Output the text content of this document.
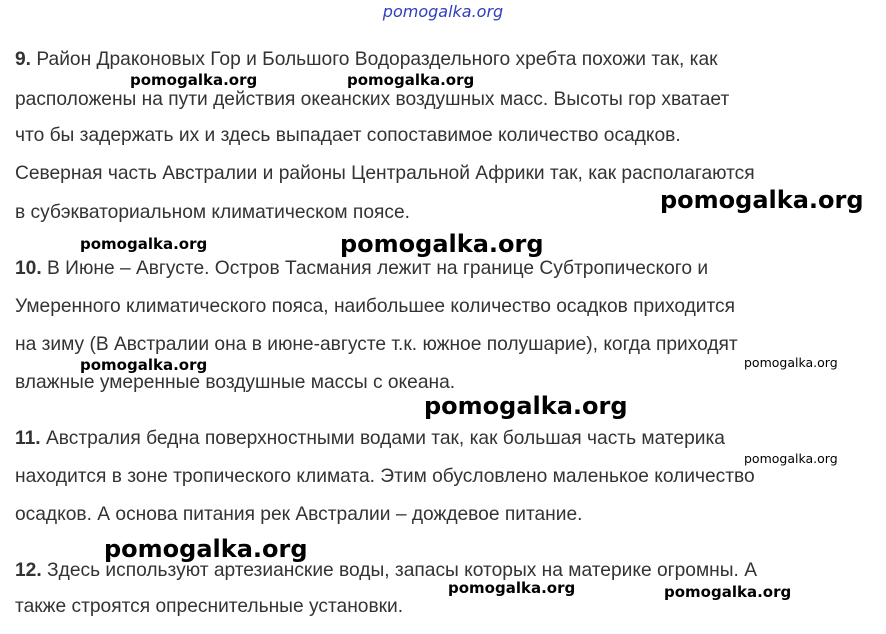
pomogalka.org
9. Район Драконовых Гор и Большого Водораздельного хребта похожи так, как
расположены на пути действия океанских воздушных масс. Высоты гор хватает
что бы задержать их и здесь выпадает сопоставимое количество осадков.
Северная часть Австралии и районы Центральной Африки так, как располагаются
в субэкваториальном климатическом поясе.
10. В Июне – Августе. Остров Тасмания лежит на границе Субтропического и
Умеренного климатического пояса, наибольшее количество осадков приходится
на зиму (В Австралии она в июне-августе т.к. южное полушарие), когда приходят
влажные умеренные воздушные массы с океана.
11. Австралия бедна поверхностными водами так, как большая часть материка
находится в зоне тропического климата. Этим обусловлено маленькое количество
осадков. А основа питания рек Австралии – дождевое питание.
12. Здесь используют артезианские воды, запасы которых на материке огромны. А
также строятся опреснительные установки.
pomogalka.org	pomogalka.org
pomogalka.org
pomogalka.org	pomogalka.org
pomogalka.org	pomogalka.org
pomogalka.org
pomogalka.org
pomogalka.org
pomogalka.org	pomogalka.org
